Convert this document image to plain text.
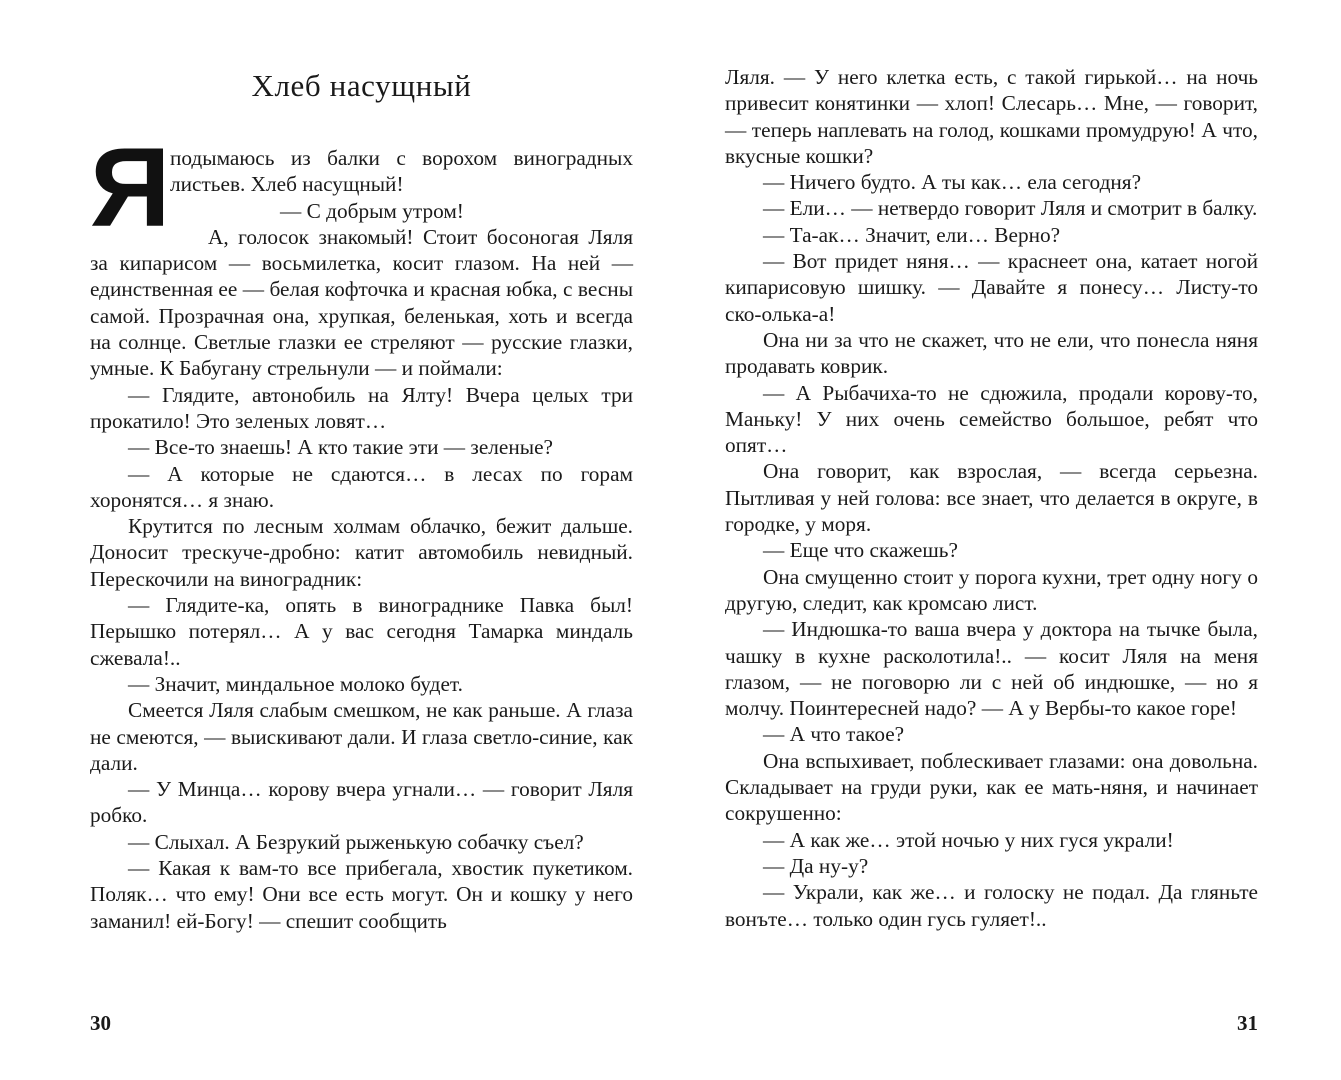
Хлеб насущный

Яподымаюсь из балки с ворохом виноградных листьев. Хлеб насущный!

— С добрым утром!

А, голосок знакомый! Стоит босоногая Ляля за кипарисом — восьмилетка, косит глазом. На ней — единственная ее — белая кофточка и красная юбка, с весны самой. Прозрачная она, хрупкая, беленькая, хоть и всегда на солнце. Светлые глазки ее стреляют — русские глазки, умные. К Бабугану стрельнули — и поймали:

— Глядите, автонобиль на Ялту! Вчера целых три прокатило! Это зеленых ловят…

— Все-то знаешь! А кто такие эти — зеленые?

— А которые не сдаются… в лесах по горам хоронятся… я знаю.

Крутится по лесным холмам облачко, бежит дальше. Доносит трескуче-дробно: катит автомобиль невидный. Перескочили на виноградник:

— Глядите-ка, опять в винограднике Павка был! Перышко потерял… А у вас сегодня Тамарка миндаль сжевала!..

— Значит, миндальное молоко будет.

Смеется Ляля слабым смешком, не как раньше. А глаза не смеются, — выискивают дали. И глаза светло-синие, как дали.

— У Минца… корову вчера угнали… — говорит Ляля робко.

— Слыхал. А Безрукий рыженькую собачку съел?

— Какая к вам-то все прибегала, хвостик пукетиком. Поляк… что ему! Они все есть могут. Он и кошку у него заманил! ей-Богу! — спешит сообщить

30

Ляля. — У него клетка есть, с такой гирькой… на ночь привесит конятинки — хлоп! Слесарь… Мне, — говорит, — теперь наплевать на голод, кошками промудрую! А что, вкусные кошки?

— Ничего будто. А ты как… ела сегодня?

— Ели… — нетвердо говорит Ляля и смотрит в балку.

— Та-ак… Значит, ели… Верно?

— Вот придет няня… — краснеет она, катает ногой кипарисовую шишку. — Давайте я понесу… Листу-то ско-олька-а!

Она ни за что не скажет, что не ели, что понесла няня продавать коврик.

— А Рыбачиха-то не сдюжила, продали корову-то, Маньку! У них очень семейство большое, ребят что опят…

Она говорит, как взрослая, — всегда серьезна. Пытливая у ней голова: все знает, что делается в округе, в городке, у моря.

— Еще что скажешь?

Она смущенно стоит у порога кухни, трет одну ногу о другую, следит, как кромсаю лист.

— Индюшка-то ваша вчера у доктора на тычке была, чашку в кухне расколотила!.. — косит Ляля на меня глазом, — не поговорю ли с ней об индюшке, — но я молчу. Поинтересней надо? — А у Вербы-то какое горе!

— А что такое?

Она вспыхивает, поблескивает глазами: она довольна. Складывает на груди руки, как ее мать-няня, и начинает сокрушенно:

— А как же… этой ночью у них гуся украли!

— Да ну-у?

— Украли, как же… и голоску не подал. Да гляньте вонъте… только один гусь гуляет!..

31
